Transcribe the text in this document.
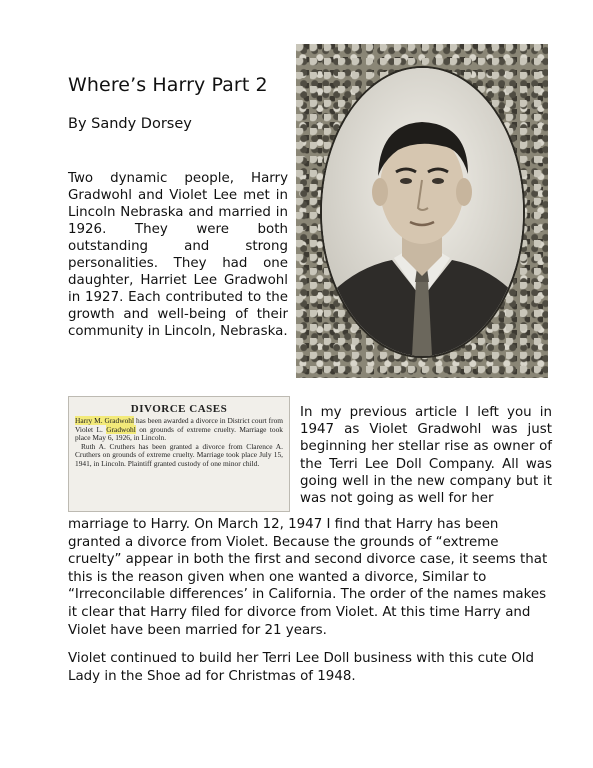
Where’s Harry Part 2
By Sandy Dorsey

Two dynamic people, Harry Gradwohl and Violet Lee met in Lincoln Nebraska and married in 1926. They were both outstanding and strong personalities. They had one daughter, Harriet Lee Gradwohl in 1927. Each contributed to the growth and well-being of their community in Lincoln, Nebraska.

DIVORCE CASES
Harry M. Gradwohl has been awarded a divorce in District court from Violet L. Gradwohl on grounds of extreme cruelty. Marriage took place May 6, 1926, in Lincoln.
Ruth A. Cruthers has been granted a divorce from Clarence A. Cruthers on grounds of extreme cruelty. Marriage took place July 15, 1941, in Lincoln. Plaintiff granted custody of one minor child.

In my previous article I left you in 1947 as Violet Gradwohl was just beginning her stellar rise as owner of the Terri Lee Doll Company. All was going well in the new company but it was not going as well for her

marriage to Harry. On March 12, 1947 I find that Harry has been granted a divorce from Violet. Because the grounds of “extreme cruelty” appear in both the first and second divorce case, it seems that this is the reason given when one wanted a divorce, Similar to “Irreconcilable differences’ in California. The order of the names makes it clear that Harry filed for divorce from Violet. At this time Harry and Violet have been married for 21 years.

Violet continued to build her Terri Lee Doll business with this cute Old Lady in the Shoe ad for Christmas of 1948.
